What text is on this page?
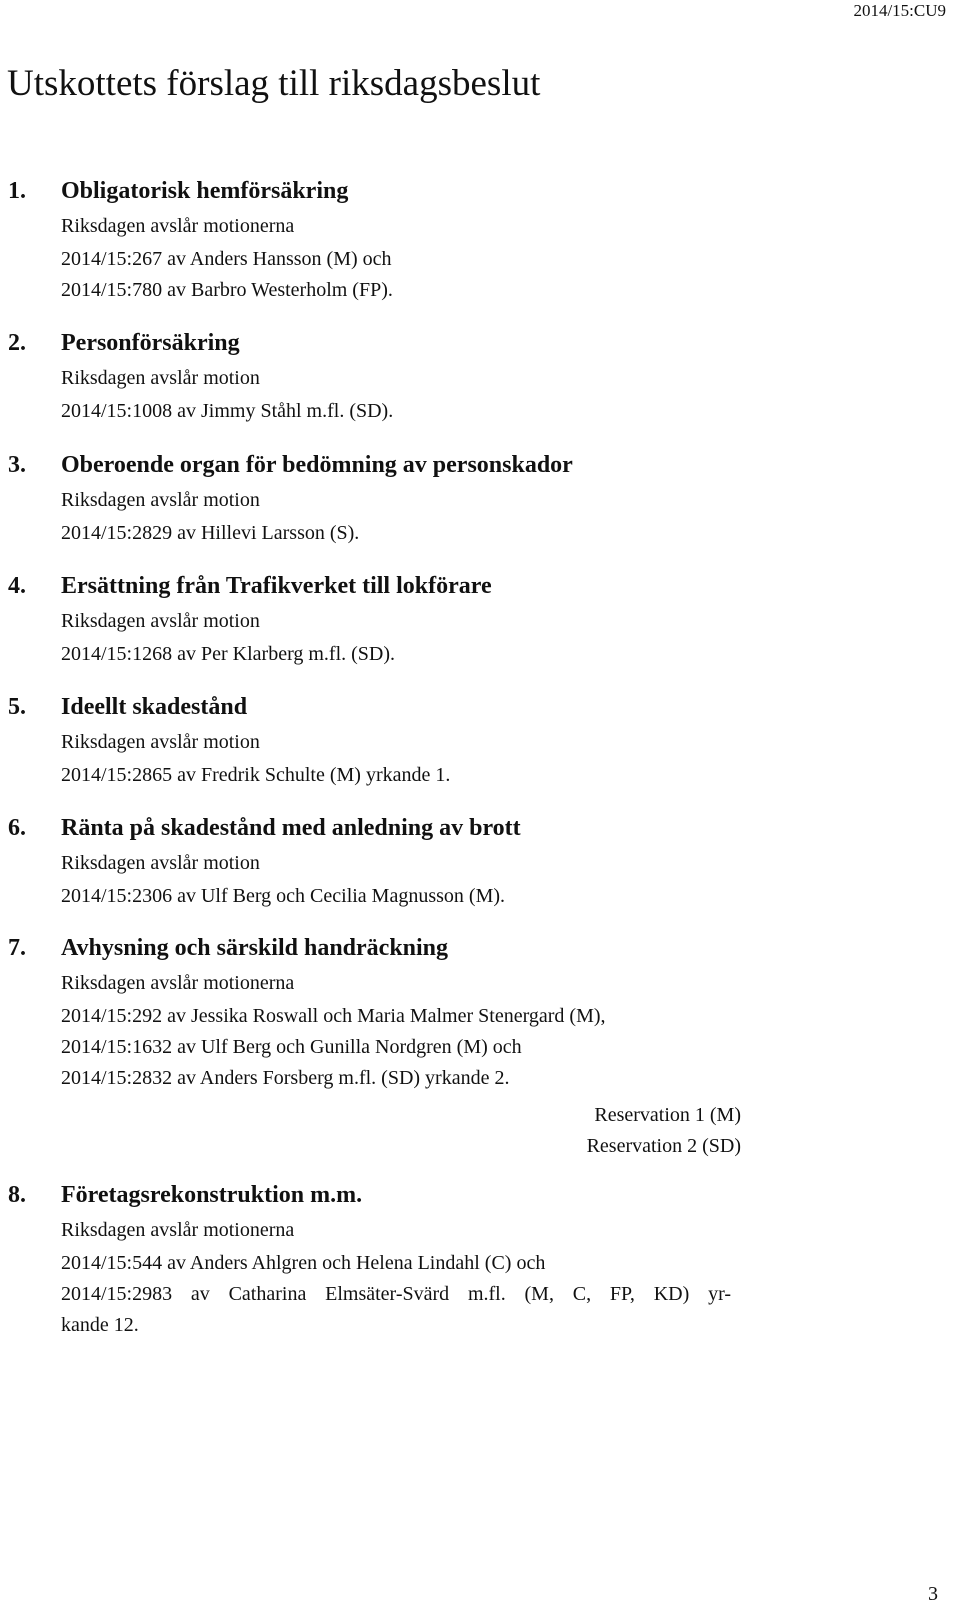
2014/15:CU9
Utskottets förslag till riksdagsbeslut
1. Obligatorisk hemförsäkring
Riksdagen avslår motionerna
2014/15:267 av Anders Hansson (M) och
2014/15:780 av Barbro Westerholm (FP).
2. Personförsäkring
Riksdagen avslår motion
2014/15:1008 av Jimmy Ståhl m.fl. (SD).
3. Oberoende organ för bedömning av personskador
Riksdagen avslår motion
2014/15:2829 av Hillevi Larsson (S).
4. Ersättning från Trafikverket till lokförare
Riksdagen avslår motion
2014/15:1268 av Per Klarberg m.fl. (SD).
5. Ideellt skadestånd
Riksdagen avslår motion
2014/15:2865 av Fredrik Schulte (M) yrkande 1.
6. Ränta på skadestånd med anledning av brott
Riksdagen avslår motion
2014/15:2306 av Ulf Berg och Cecilia Magnusson (M).
7. Avhysning och särskild handräckning
Riksdagen avslår motionerna
2014/15:292 av Jessika Roswall och Maria Malmer Stenergard (M),
2014/15:1632 av Ulf Berg och Gunilla Nordgren (M) och
2014/15:2832 av Anders Forsberg m.fl. (SD) yrkande 2.
Reservation 1 (M)
Reservation 2 (SD)
8. Företagsrekonstruktion m.m.
Riksdagen avslår motionerna
2014/15:544 av Anders Ahlgren och Helena Lindahl (C) och
2014/15:2983 av Catharina Elmsäter-Svärd m.fl. (M, C, FP, KD) yr-
kande 12.
3
